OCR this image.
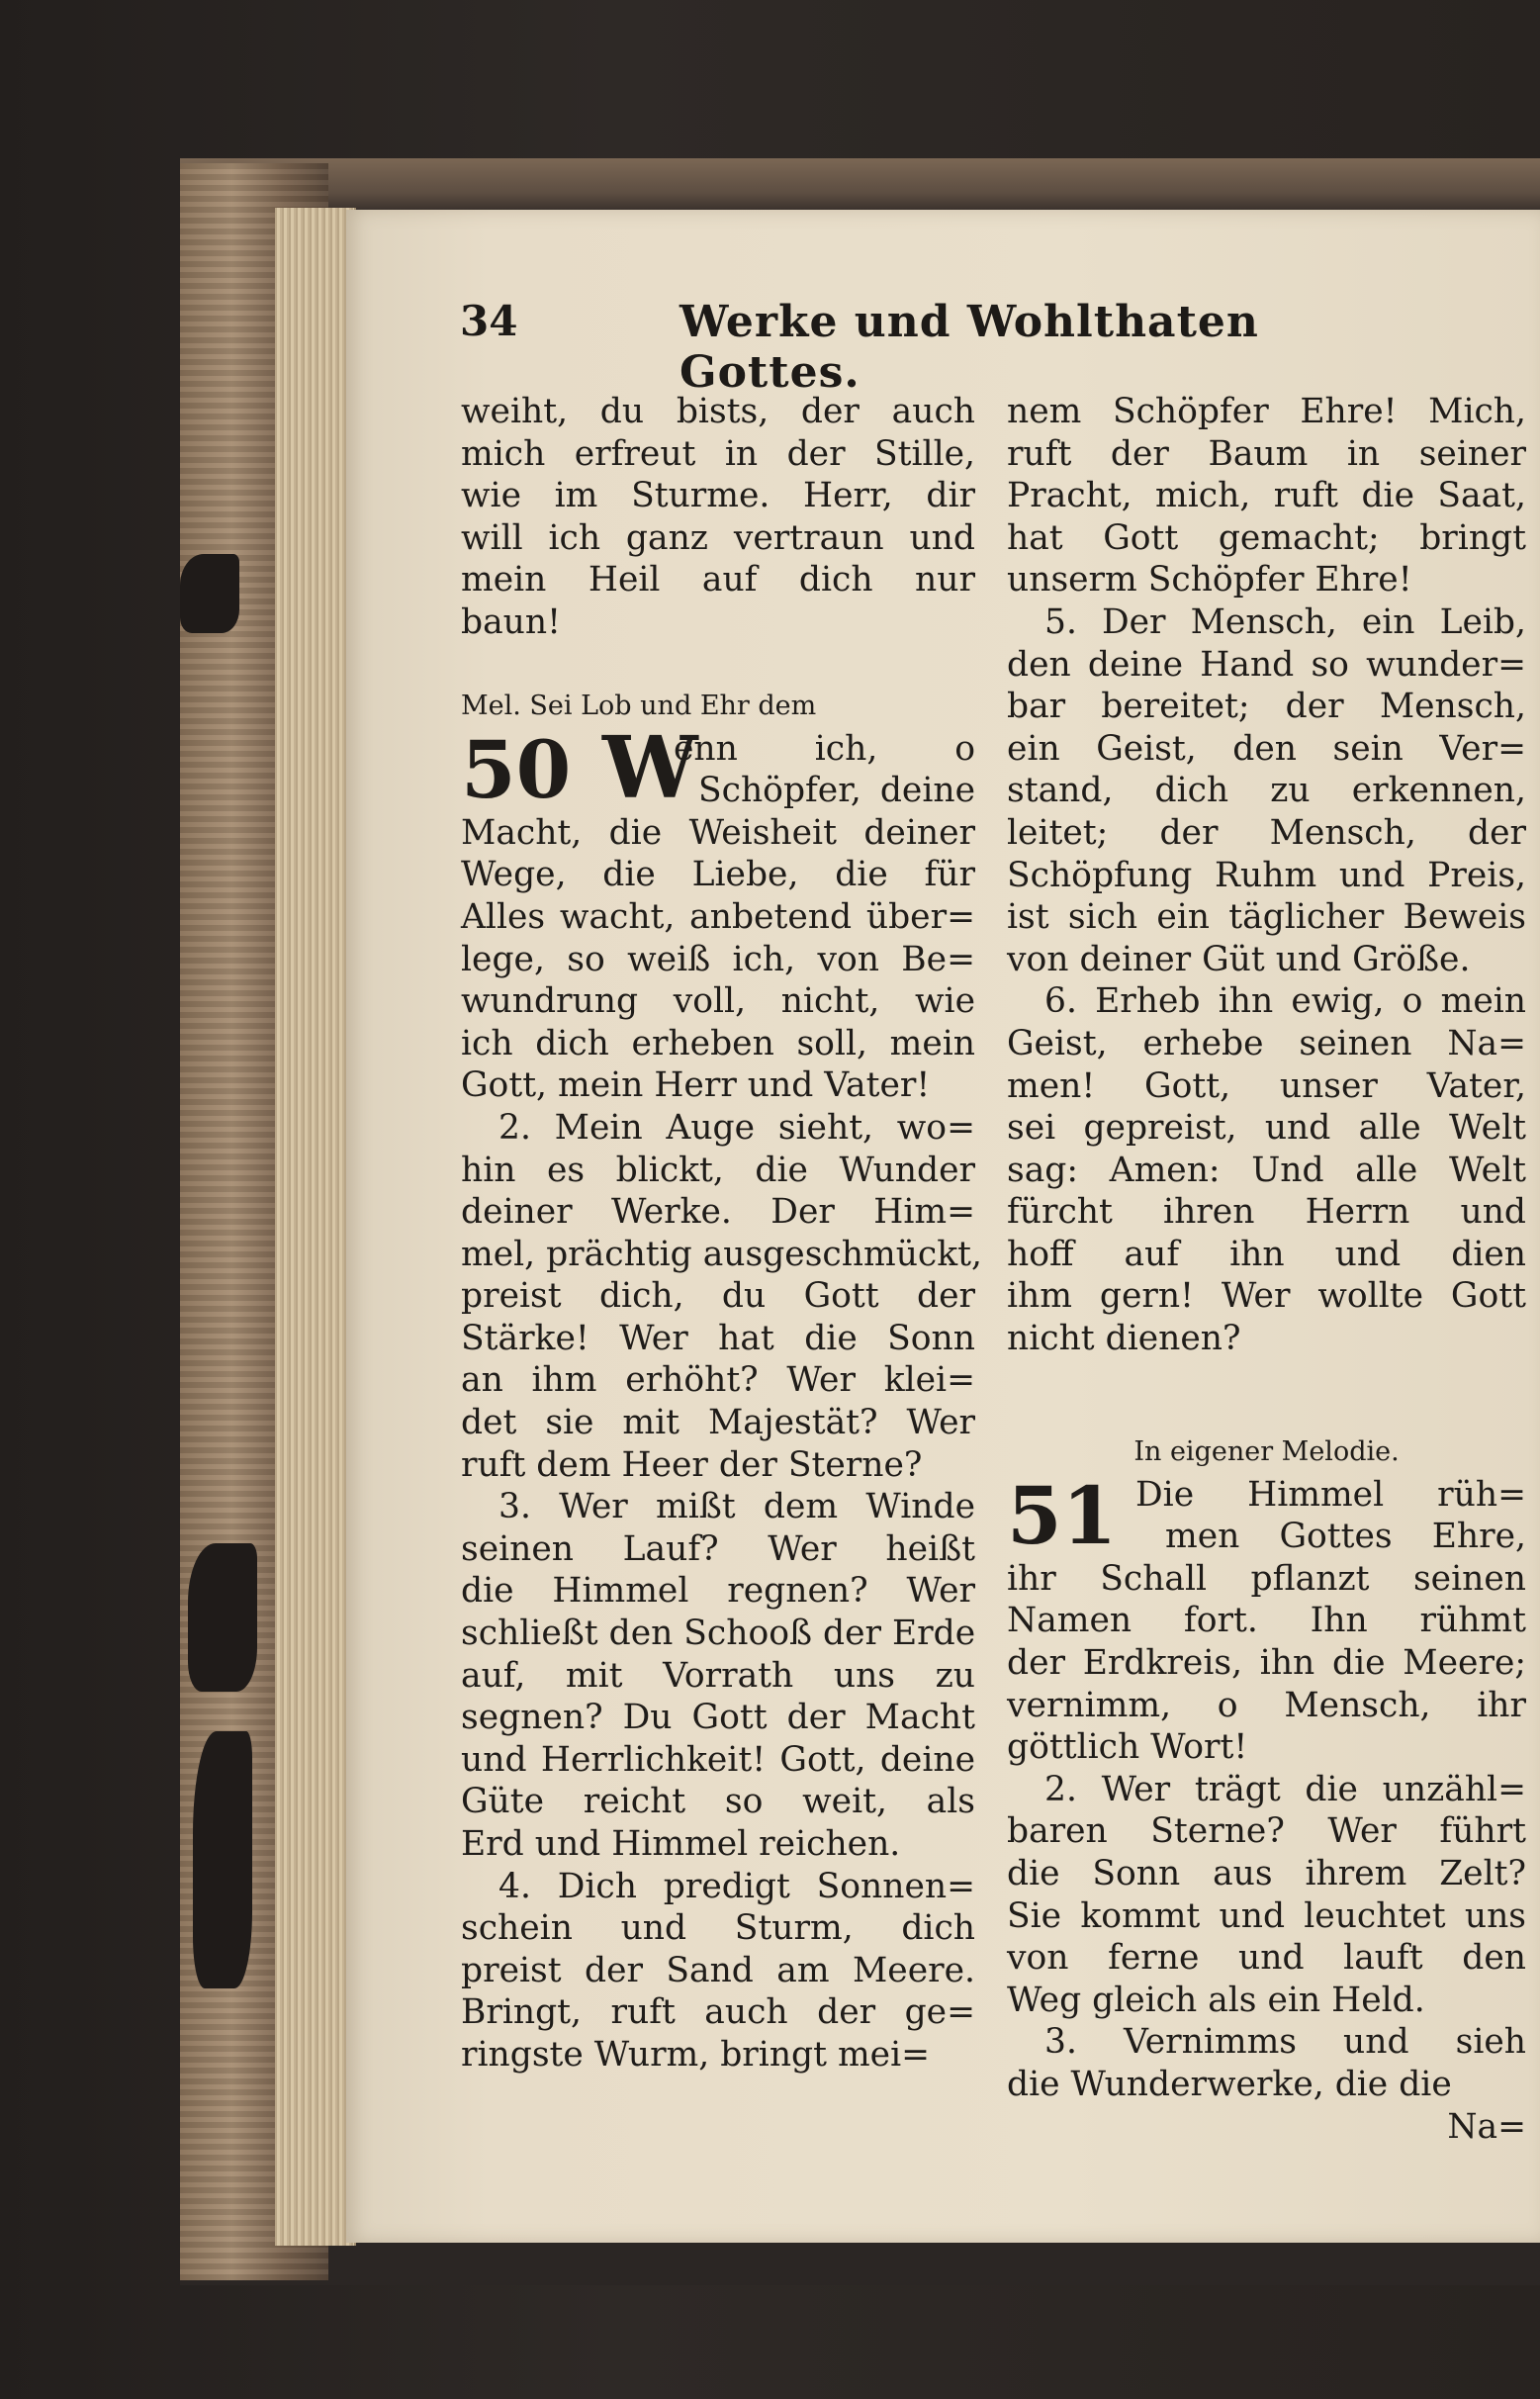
34	Werke und Wohlthaten Gottes.
weiht, du bists, der auch
mich erfreut in der Stille,
wie im Sturme. Herr, dir
will ich ganz vertraun und
mein Heil auf dich nur
baun!
Mel. Sei Lob und Ehr dem
50 W
enn ich, o
Schöpfer, deine
Macht, die Weisheit deiner
Wege, die Liebe, die für
Alles wacht, anbetend über=
lege, so weiß ich, von Be=
wundrung voll, nicht, wie
ich dich erheben soll, mein
Gott, mein Herr und Vater!
2. Mein Auge sieht, wo=
hin es blickt, die Wunder
deiner Werke. Der Him=
mel, prächtig ausgeschmückt,
preist dich, du Gott der
Stärke! Wer hat die Sonn
an ihm erhöht? Wer klei=
det sie mit Majestät? Wer
ruft dem Heer der Sterne?
3. Wer mißt dem Winde
seinen Lauf? Wer heißt
die Himmel regnen? Wer
schließt den Schooß der Erde
auf, mit Vorrath uns zu
segnen? Du Gott der Macht
und Herrlichkeit! Gott, deine
Güte reicht so weit, als
Erd und Himmel reichen.
4. Dich predigt Sonnen=
schein und Sturm, dich
preist der Sand am Meere.
Bringt, ruft auch der ge=
ringste Wurm, bringt mei=
nem Schöpfer Ehre! Mich,
ruft der Baum in seiner
Pracht, mich, ruft die Saat,
hat Gott gemacht; bringt
unserm Schöpfer Ehre!
5. Der Mensch, ein Leib,
den deine Hand so wunder=
bar bereitet; der Mensch,
ein Geist, den sein Ver=
stand, dich zu erkennen,
leitet; der Mensch, der
Schöpfung Ruhm und Preis,
ist sich ein täglicher Beweis
von deiner Güt und Größe.
6. Erheb ihn ewig, o mein
Geist, erhebe seinen Na=
men! Gott, unser Vater,
sei gepreist, und alle Welt
sag: Amen: Und alle Welt
fürcht ihren Herrn und
hoff auf ihn und dien
ihm gern! Wer wollte Gott
nicht dienen?
In eigener Melodie.
51 Die Himmel rüh=
men Gottes Ehre,
ihr Schall pflanzt seinen
Namen fort. Ihn rühmt
der Erdkreis, ihn die Meere;
vernimm, o Mensch, ihr
göttlich Wort!
2. Wer trägt die unzähl=
baren Sterne? Wer führt
die Sonn aus ihrem Zelt?
Sie kommt und leuchtet uns
von ferne und lauft den
Weg gleich als ein Held.
3. Vernimms und sieh
die Wunderwerke, die die
Na=
